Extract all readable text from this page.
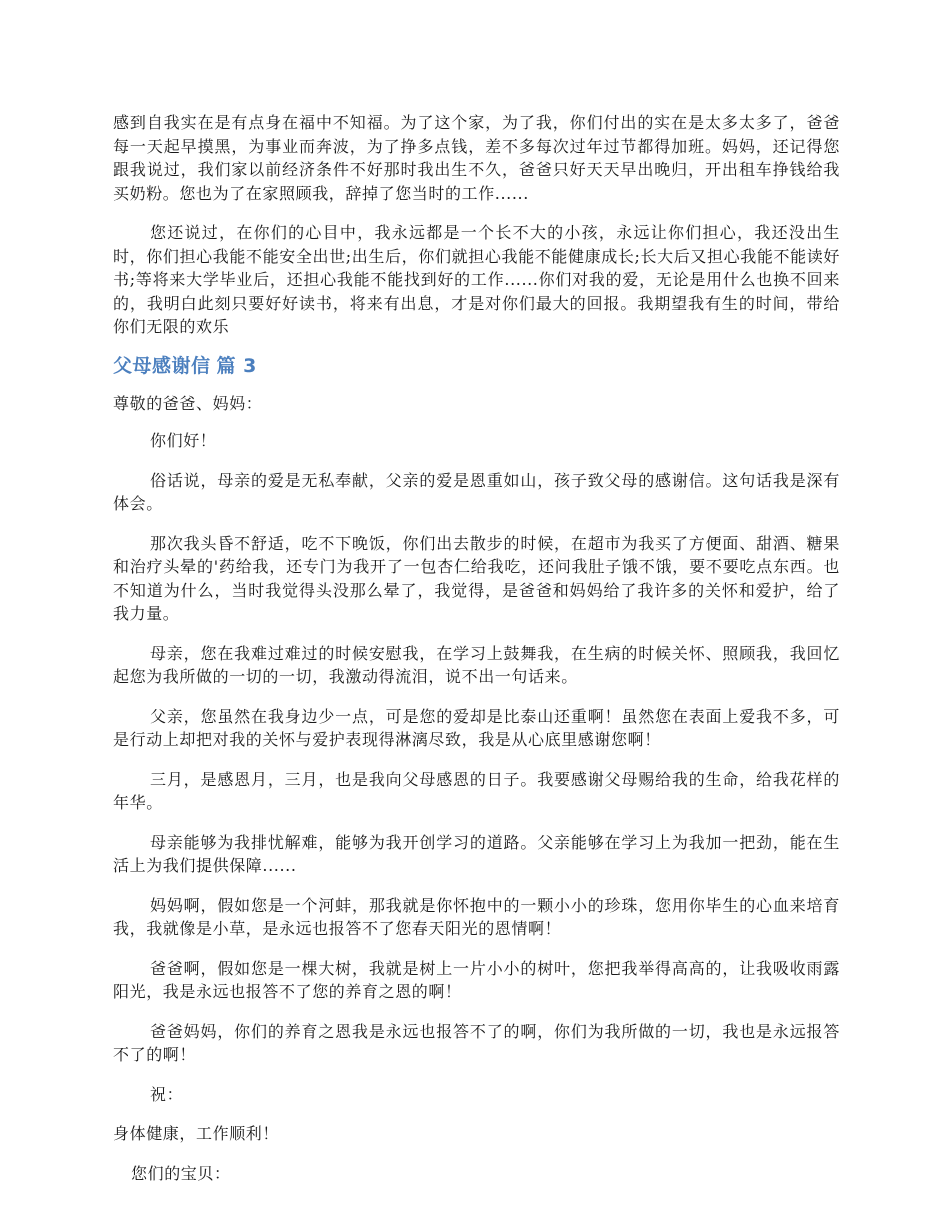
感到自我实在是有点身在福中不知福。为了这个家，为了我，你们付出的实在是太多太多了，爸爸每一天起早摸黑，为事业而奔波，为了挣多点钱，差不多每次过年过节都得加班。妈妈，还记得您跟我说过，我们家以前经济条件不好那时我出生不久，爸爸只好天天早出晚归，开出租车挣钱给我买奶粉。您也为了在家照顾我，辞掉了您当时的工作......

您还说过，在你们的心目中，我永远都是一个长不大的小孩，永远让你们担心，我还没出生时，你们担心我能不能安全出世;出生后，你们就担心我能不能健康成长;长大后又担心我能不能读好书;等将来大学毕业后，还担心我能不能找到好的工作......你们对我的爱，无论是用什么也换不回来的，我明白此刻只要好好读书，将来有出息，才是对你们最大的回报。我期望我有生的时间，带给你们无限的欢乐

父母感谢信 篇 3

尊敬的爸爸、妈妈：

你们好！

俗话说，母亲的爱是无私奉献，父亲的爱是恩重如山，孩子致父母的感谢信。这句话我是深有体会。

那次我头昏不舒适，吃不下晚饭，你们出去散步的时候，在超市为我买了方便面、甜酒、糖果和治疗头晕的'药给我，还专门为我开了一包杏仁给我吃，还问我肚子饿不饿，要不要吃点东西。也不知道为什么，当时我觉得头没那么晕了，我觉得，是爸爸和妈妈给了我许多的关怀和爱护，给了我力量。

母亲，您在我难过难过的时候安慰我，在学习上鼓舞我，在生病的时候关怀、照顾我，我回忆起您为我所做的一切的一切，我激动得流泪，说不出一句话来。

父亲，您虽然在我身边少一点，可是您的爱却是比泰山还重啊！虽然您在表面上爱我不多，可是行动上却把对我的关怀与爱护表现得淋漓尽致，我是从心底里感谢您啊！

三月，是感恩月，三月，也是我向父母感恩的日子。我要感谢父母赐给我的生命，给我花样的年华。

母亲能够为我排忧解难，能够为我开创学习的道路。父亲能够在学习上为我加一把劲，能在生活上为我们提供保障......

妈妈啊，假如您是一个河蚌，那我就是你怀抱中的一颗小小的珍珠，您用你毕生的心血来培育我，我就像是小草，是永远也报答不了您春天阳光的恩情啊！

爸爸啊，假如您是一棵大树，我就是树上一片小小的树叶，您把我举得高高的，让我吸收雨露阳光，我是永远也报答不了您的养育之恩的啊！

爸爸妈妈，你们的养育之恩我是永远也报答不了的啊，你们为我所做的一切，我也是永远报答不了的啊！

祝：

身体健康，工作顺利！

您们的宝贝：
